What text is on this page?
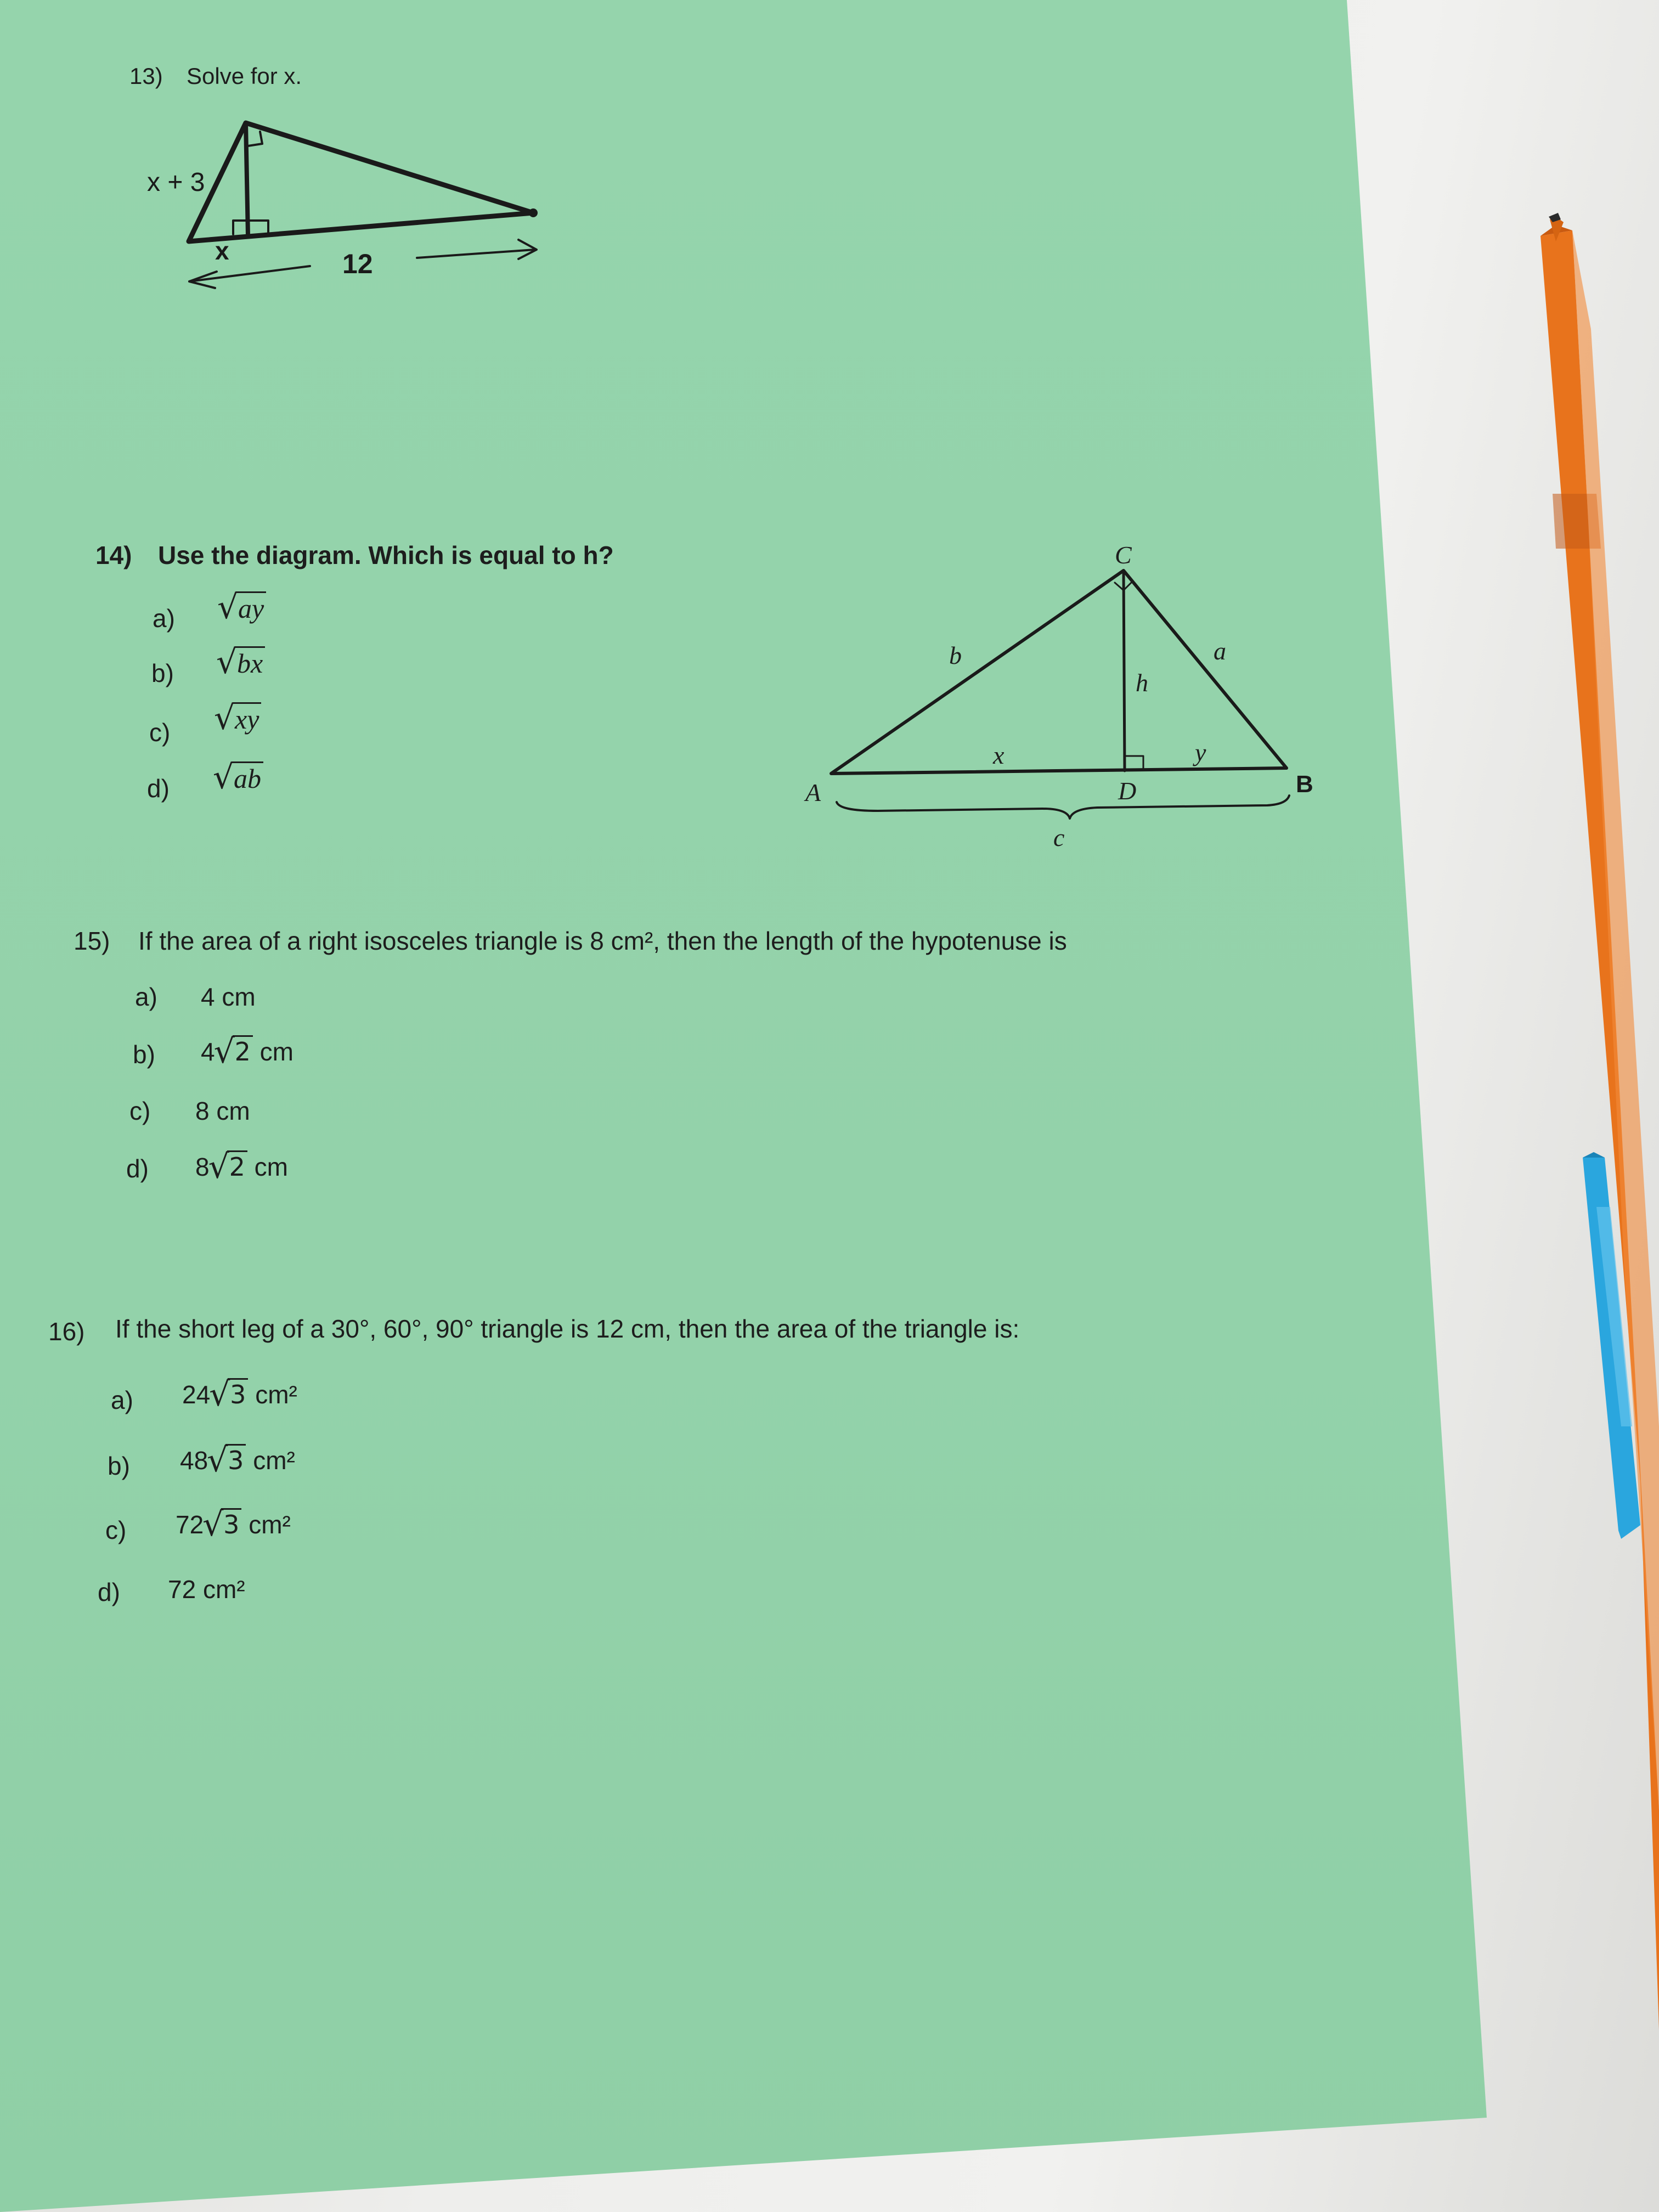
13) Solve for x.
x + 3
x	12
14) Use the diagram. Which is equal to h?
a)	√ ay
b)	√ bx
c)	√ xy
d)	√ ab	A
C
D	B
b	a
h
x	y
c
15) If the area of a right isosceles triangle is 8 cm², then the length of the hypotenuse is
a) 4 cm
b) 4 √ 2 cm
c) 8 cm
d) 8 √ 2 cm
16) If the short leg of a 30°, 60°, 90° triangle is 12 cm, then the area of the triangle is:
a) 24 √ 3 cm²
b) 48 √ 3 cm²
c) 72 √ 3 cm²
d) 72 cm²
